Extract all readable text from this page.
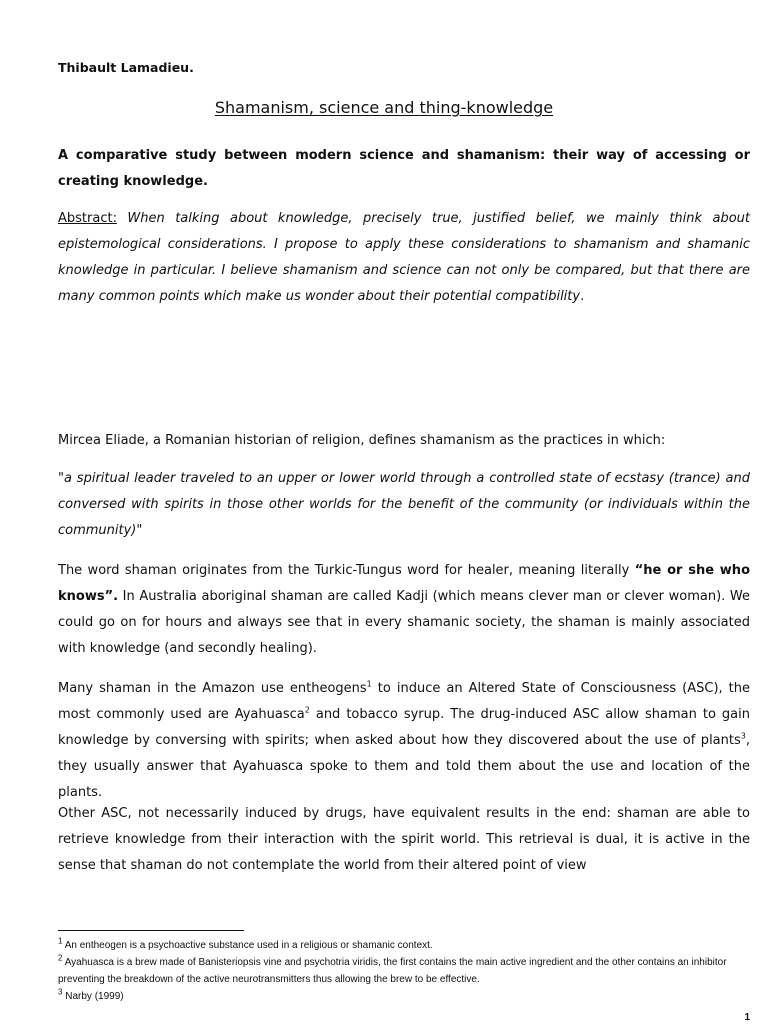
Thibault Lamadieu.
Shamanism, science and thing-knowledge
A comparative study between modern science and shamanism: their way of accessing or creating knowledge.
Abstract: When talking about knowledge, precisely true, justified belief, we mainly think about epistemological considerations. I propose to apply these considerations to shamanism and shamanic knowledge in particular. I believe shamanism and science can not only be compared, but that there are many common points which make us wonder about their potential compatibility.
Mircea Eliade, a Romanian historian of religion, defines shamanism as the practices in which:
"a spiritual leader traveled to an upper or lower world through a controlled state of ecstasy (trance) and conversed with spirits in those other worlds for the benefit of the community (or individuals within the community)"
The word shaman originates from the Turkic-Tungus word for healer, meaning literally “he or she who knows”. In Australia aboriginal shaman are called Kadji (which means clever man or clever woman). We could go on for hours and always see that in every shamanic society, the shaman is mainly associated with knowledge (and secondly healing).
Many shaman in the Amazon use entheogens$^1$ to induce an Altered State of Consciousness (ASC), the most commonly used are Ayahuasca$^2$ and tobacco syrup. The drug-induced ASC allow shaman to gain knowledge by conversing with spirits; when asked about how they discovered about the use of plants$^3$, they usually answer that Ayahuasca spoke to them and told them about the use and location of the plants.
Other ASC, not necessarily induced by drugs, have equivalent results in the end: shaman are able to retrieve knowledge from their interaction with the spirit world. This retrieval is dual, it is active in the sense that shaman do not contemplate the world from their altered point of view

$^1$ An entheogen is a psychoactive substance used in a religious or shamanic context.

$^2$ Ayahuasca is a brew made of Banisteriopsis vine and psychotria viridis, the first contains the main active ingredient and the other contains an inhibitor preventing the breakdown of the active neurotransmitters thus allowing the brew to be effective.

$^3$ Narby (1999)

1
